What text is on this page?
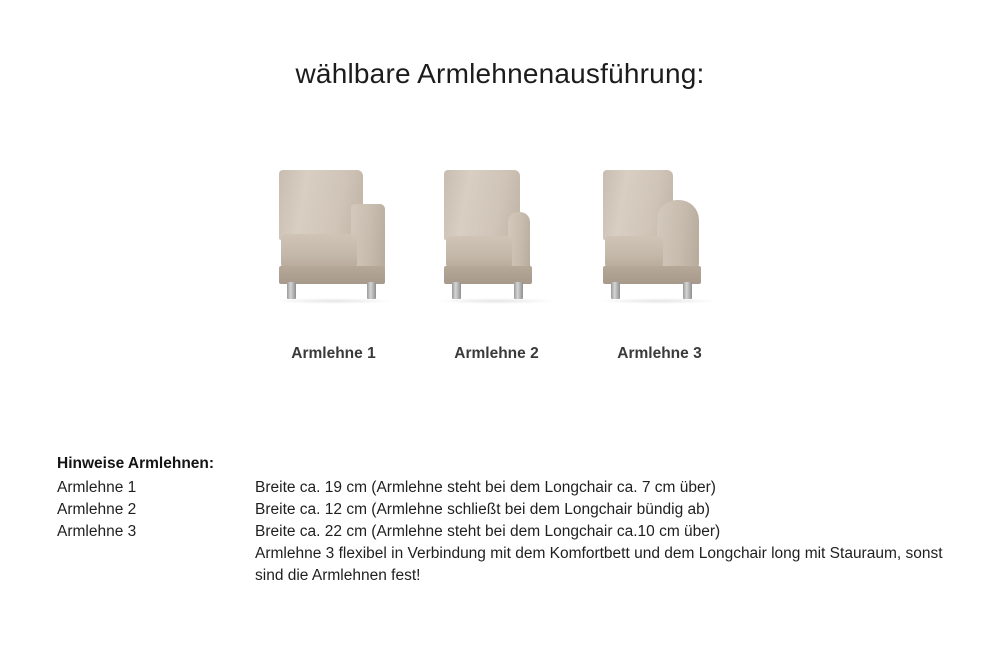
wählbare Armlehnenausführung:
Armlehne 1	Armlehne 2	Armlehne 3
Hinweise Armlehnen:
Armlehne 1	Breite ca. 19 cm (Armlehne steht bei dem Longchair ca. 7 cm über)
Armlehne 2	Breite ca. 12 cm (Armlehne schließt bei dem Longchair bündig ab)
Armlehne 3	Breite ca. 22 cm (Armlehne steht bei dem Longchair ca.10 cm über)
Armlehne 3 flexibel in Verbindung mit dem Komfortbett und dem Longchair long mit Stauraum, sonst sind die Armlehnen fest!
